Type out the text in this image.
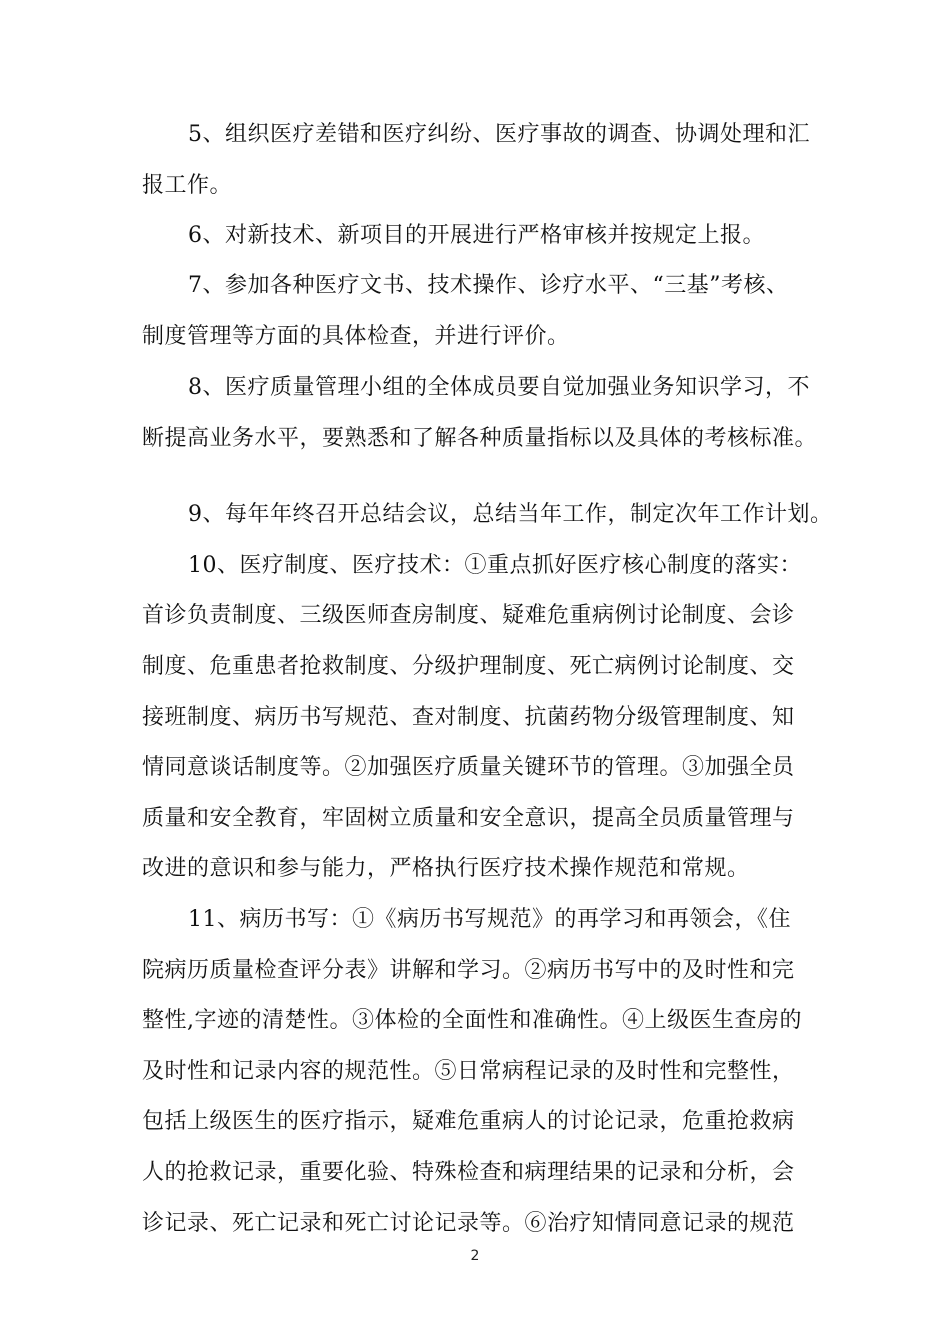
5、组织医疗差错和医疗纠纷、医疗事故的调查、协调处理和汇
报工作。
6、对新技术、新项目的开展进行严格审核并按规定上报。
7、参加各种医疗文书、技术操作、诊疗水平、“三基”考核、
制度管理等方面的具体检查，并进行评价。
8、医疗质量管理小组的全体成员要自觉加强业务知识学习，不
断提高业务水平，要熟悉和了解各种质量指标以及具体的考核标准。
9、每年年终召开总结会议，总结当年工作，制定次年工作计划。
10、医疗制度、医疗技术：①重点抓好医疗核心制度的落实：
首诊负责制度、三级医师查房制度、疑难危重病例讨论制度、会诊
制度、危重患者抢救制度、分级护理制度、死亡病例讨论制度、交
接班制度、病历书写规范、查对制度、抗菌药物分级管理制度、知
情同意谈话制度等。②加强医疗质量关键环节的管理。③加强全员
质量和安全教育，牢固树立质量和安全意识，提高全员质量管理与
改进的意识和参与能力，严格执行医疗技术操作规范和常规。
11、病历书写：①《病历书写规范》的再学习和再领会，《住
院病历质量检查评分表》讲解和学习。②病历书写中的及时性和完
整性,字迹的清楚性。③体检的全面性和准确性。④上级医生查房的
及时性和记录内容的规范性。⑤日常病程记录的及时性和完整性，
包括上级医生的医疗指示，疑难危重病人的讨论记录，危重抢救病
人的抢救记录，重要化验、特殊检查和病理结果的记录和分析，会
诊记录、死亡记录和死亡讨论记录等。⑥治疗知情同意记录的规范
2
